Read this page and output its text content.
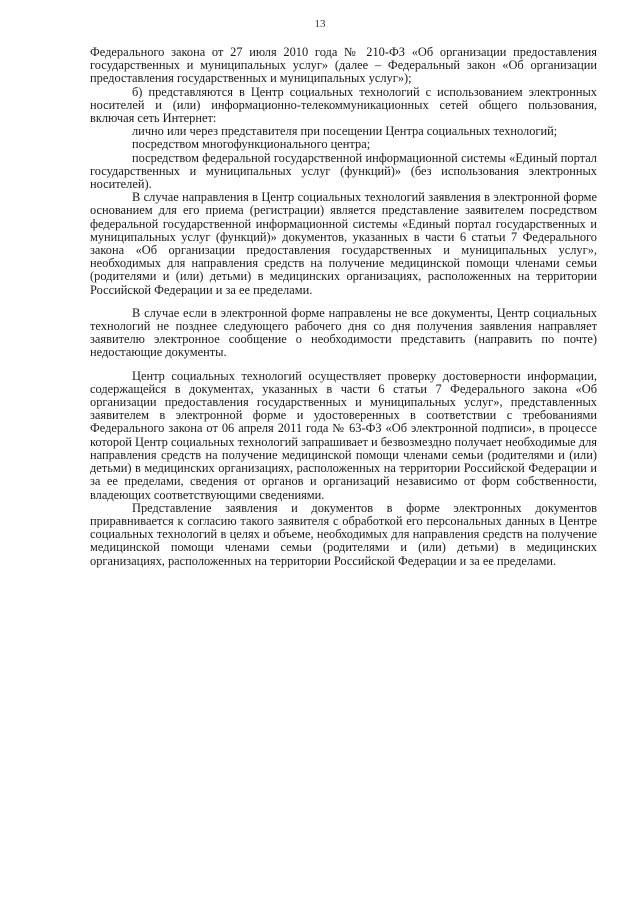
13

Федерального закона от 27 июля 2010 года № 210-ФЗ «Об организации предоставления государственных и муниципальных услуг» (далее – Федеральный закон «Об организации предоставления государственных и муниципальных услуг»);

б) представляются в Центр социальных технологий с использованием электронных носителей и (или) информационно-телекоммуникационных сетей общего пользования, включая сеть Интернет:

лично или через представителя при посещении Центра социальных технологий;

посредством многофункционального центра;

посредством федеральной государственной информационной системы «Единый портал государственных и муниципальных услуг (функций)» (без использования электронных носителей).

В случае направления в Центр социальных технологий заявления в электронной форме основанием для его приема (регистрации) является представление заявителем посредством федеральной государственной информационной системы «Единый портал государственных и муниципальных услуг (функций)» документов, указанных в части 6 статьи 7 Федерального закона «Об организации предоставления государственных и муниципальных услуг», необходимых для направления средств на получение медицинской помощи членами семьи (родителями и (или) детьми) в медицинских организациях, расположенных на территории Российской Федерации и за ее пределами.

В случае если в электронной форме направлены не все документы, Центр социальных технологий не позднее следующего рабочего дня со дня получения заявления направляет заявителю электронное сообщение о необходимости представить (направить по почте) недостающие документы.

Центр социальных технологий осуществляет проверку достоверности информации, содержащейся в документах, указанных в части 6 статьи 7 Федерального закона «Об организации предоставления государственных и муниципальных услуг», представленных заявителем в электронной форме и удостоверенных в соответствии с требованиями Федерального закона от 06 апреля 2011 года № 63-ФЗ «Об электронной подписи», в процессе которой Центр социальных технологий запрашивает и безвозмездно получает необходимые для направления средств на получение медицинской помощи членами семьи (родителями и (или) детьми) в медицинских организациях, расположенных на территории Российской Федерации и за ее пределами, сведения от органов и организаций независимо от форм собственности, владеющих соответствующими сведениями.

Представление заявления и документов в форме электронных документов приравнивается к согласию такого заявителя с обработкой его персональных данных в Центре социальных технологий в целях и объеме, необходимых для направления средств на получение медицинской помощи членами семьи (родителями и (или) детьми) в медицинских организациях, расположенных на территории Российской Федерации и за ее пределами.
